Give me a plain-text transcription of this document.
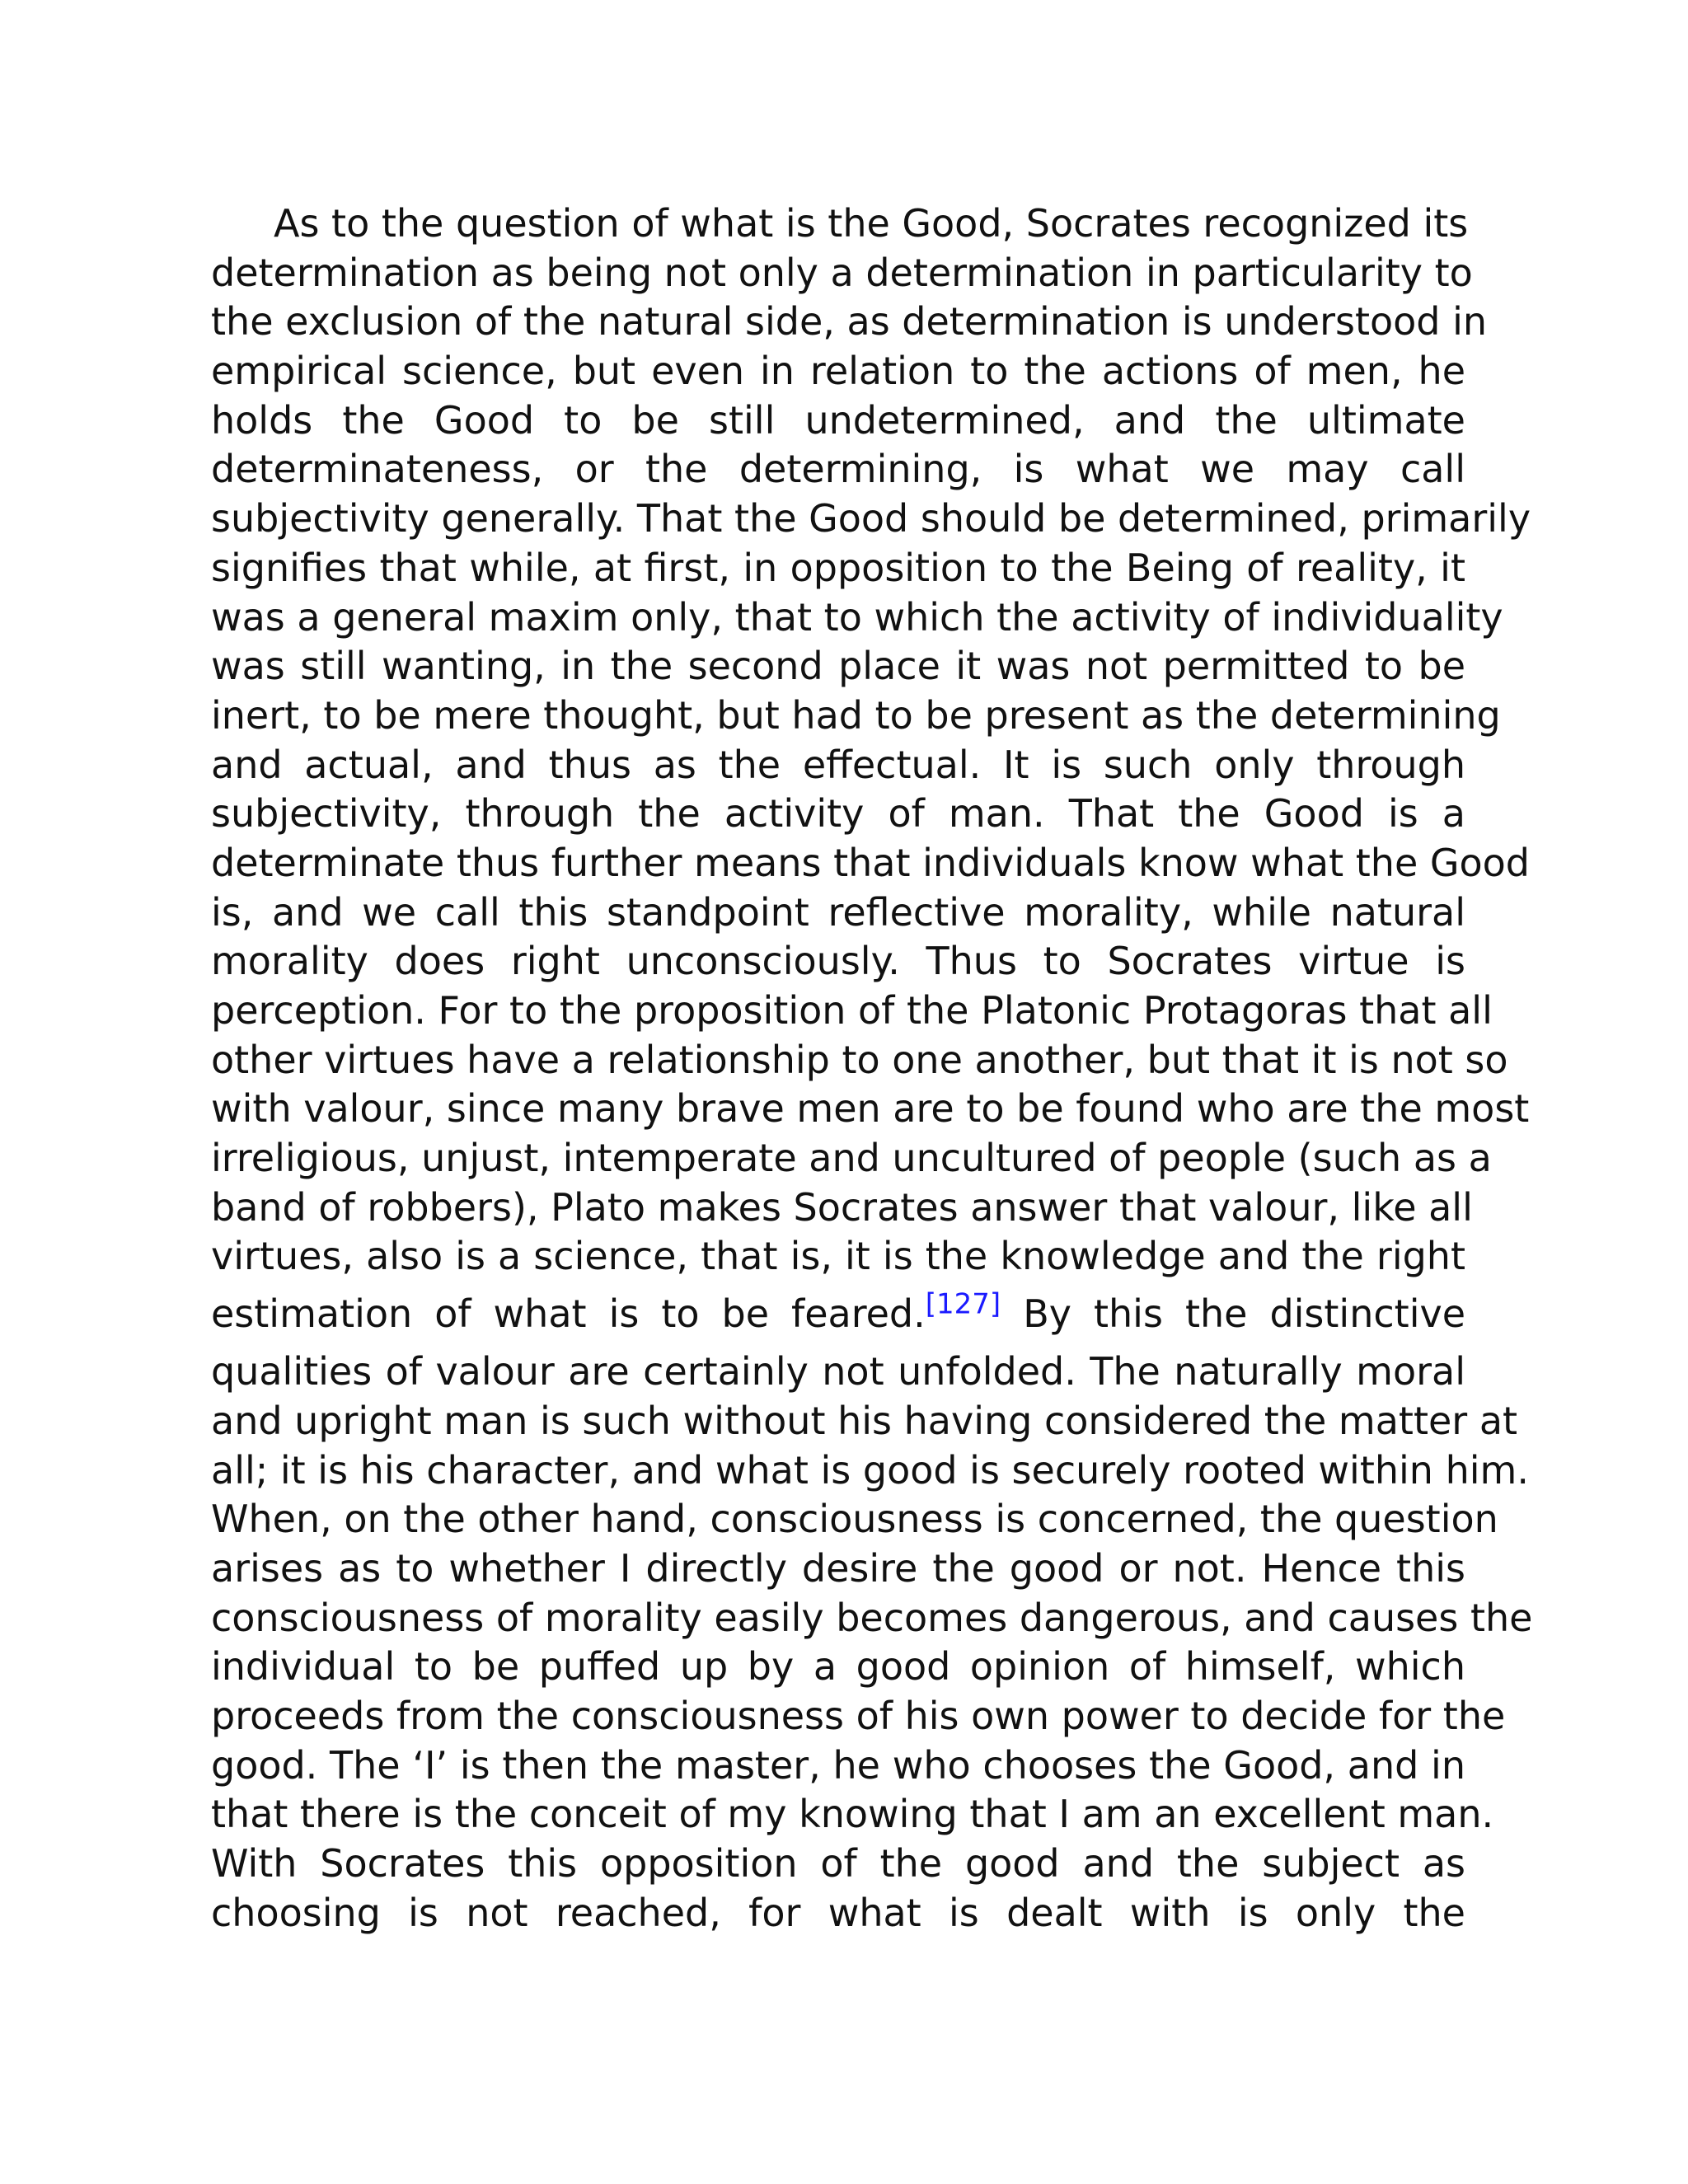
As to the question of what is the Good, Socrates recognized its
determination as being not only a determination in particularity to
the exclusion of the natural side, as determination is understood in
empirical science, but even in relation to the actions of men, he
holds the Good to be still undetermined, and the ultimate
determinateness, or the determining, is what we may call
subjectivity generally. That the Good should be determined, primarily
signifies that while, at first, in opposition to the Being of reality, it
was a general maxim only, that to which the activity of individuality
was still wanting, in the second place it was not permitted to be
inert, to be mere thought, but had to be present as the determining
and actual, and thus as the effectual. It is such only through
subjectivity, through the activity of man. That the Good is a
determinate thus further means that individuals know what the Good
is, and we call this standpoint reflective morality, while natural
morality does right unconsciously. Thus to Socrates virtue is
perception. For to the proposition of the Platonic Protagoras that all
other virtues have a relationship to one another, but that it is not so
with valour, since many brave men are to be found who are the most
irreligious, unjust, intemperate and uncultured of people (such as a
band of robbers), Plato makes Socrates answer that valour, like all
virtues, also is a science, that is, it is the knowledge and the right
estimation of what is to be feared.[127] By this the distinctive
qualities of valour are certainly not unfolded. The naturally moral
and upright man is such without his having considered the matter at
all; it is his character, and what is good is securely rooted within him.
When, on the other hand, consciousness is concerned, the question
arises as to whether I directly desire the good or not. Hence this
consciousness of morality easily becomes dangerous, and causes the
individual to be puffed up by a good opinion of himself, which
proceeds from the consciousness of his own power to decide for the
good. The ‘I’ is then the master, he who chooses the Good, and in
that there is the conceit of my knowing that I am an excellent man.
With Socrates this opposition of the good and the subject as
choosing is not reached, for what is dealt with is only the
